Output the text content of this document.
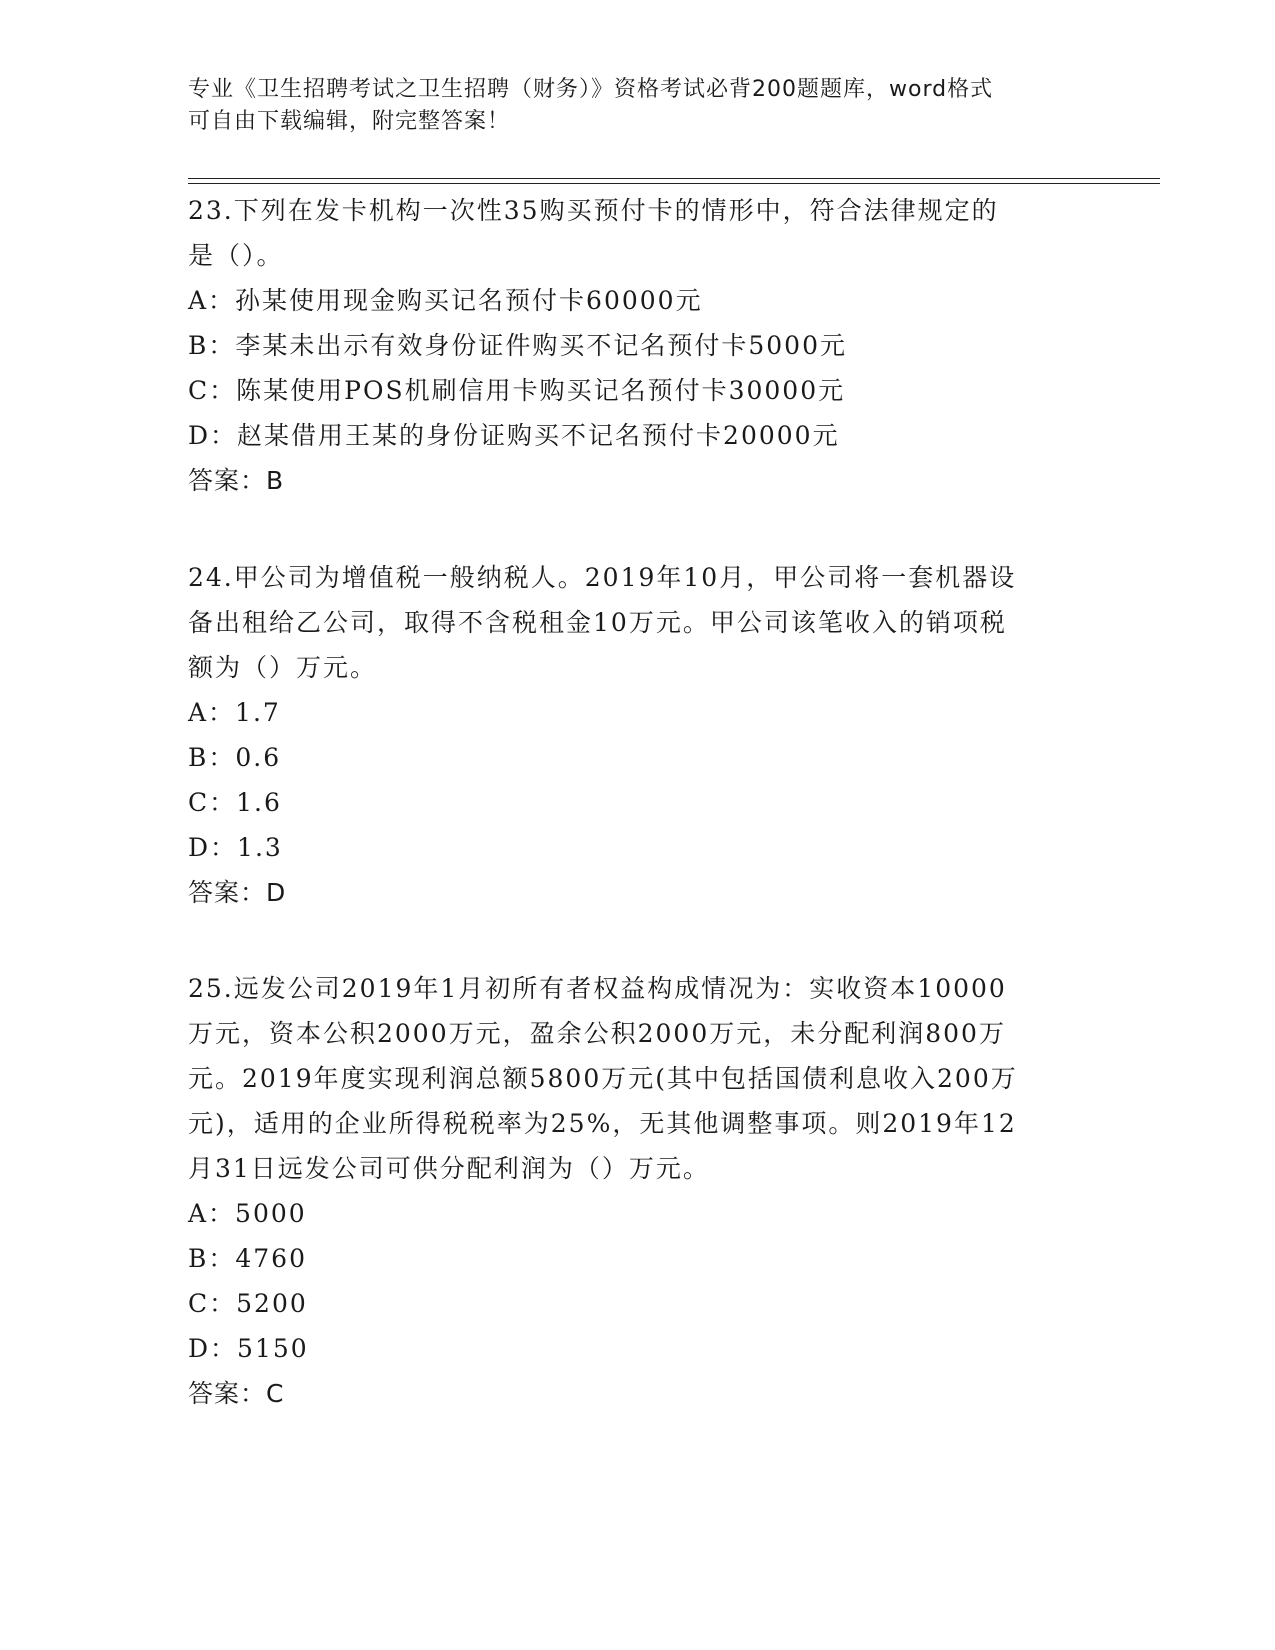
专业《卫生招聘考试之卫生招聘（财务）》资格考试必背200题题库，word格式
可自由下载编辑，附完整答案！
23.下列在发卡机构一次性35购买预付卡的情形中，符合法律规定的
是（）。
A：孙某使用现金购买记名预付卡60000元
B：李某未出示有效身份证件购买不记名预付卡5000元
C：陈某使用POS机刷信用卡购买记名预付卡30000元
D：赵某借用王某的身份证购买不记名预付卡20000元
答案：B
24.甲公司为增值税一般纳税人。2019年10月，甲公司将一套机器设
备出租给乙公司，取得不含税租金10万元。甲公司该笔收入的销项税
额为（）万元。
A：1.7
B：0.6
C：1.6
D：1.3
答案：D
25.远发公司2019年1月初所有者权益构成情况为：实收资本10000
万元，资本公积2000万元，盈余公积2000万元，未分配利润800万
元。2019年度实现利润总额5800万元(其中包括国债利息收入200万
元)，适用的企业所得税税率为25%，无其他调整事项。则2019年12
月31日远发公司可供分配利润为（）万元。
A：5000
B：4760
C：5200
D：5150
答案：C
